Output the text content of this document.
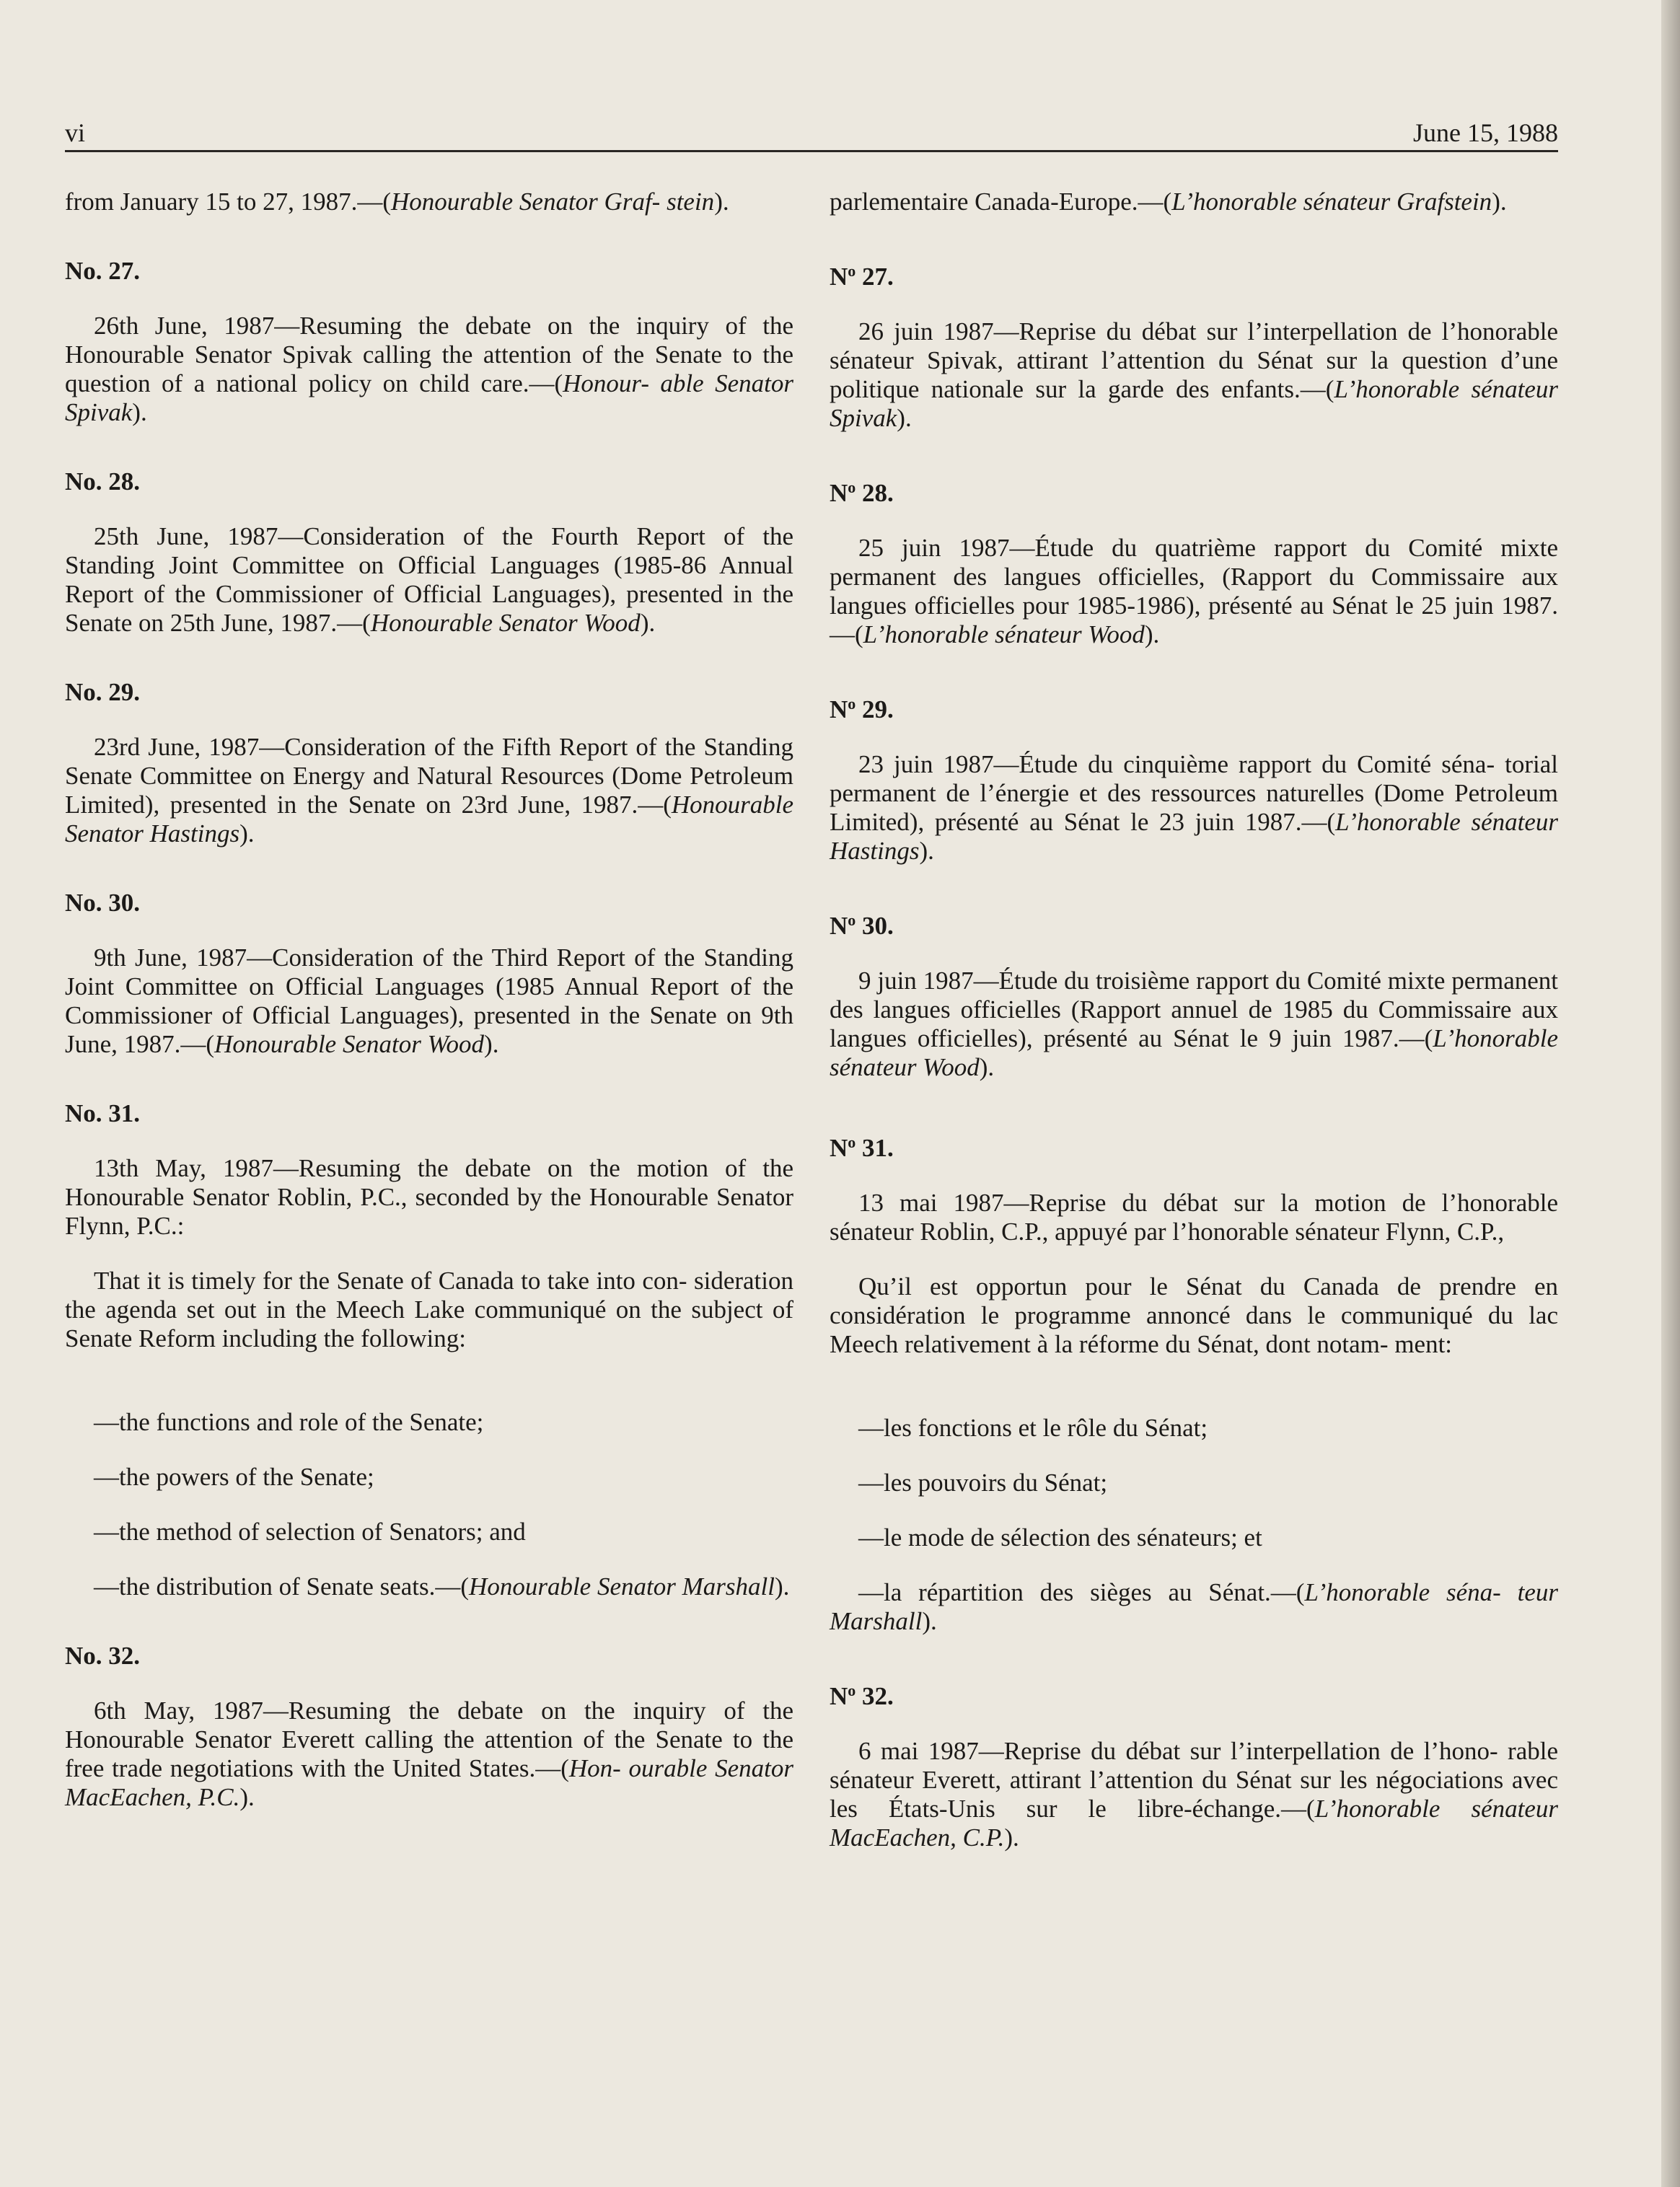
vi	June 15, 1988

from January 15 to 27, 1987.—(Honourable Senator Graf- stein).

No. 27.

26th June, 1987—Resuming the debate on the inquiry of the Honourable Senator Spivak calling the attention of the Senate to the question of a national policy on child care.—(Honour- able Senator Spivak).

No. 28.

25th June, 1987—Consideration of the Fourth Report of the Standing Joint Committee on Official Languages (1985-86 Annual Report of the Commissioner of Official Languages), presented in the Senate on 25th June, 1987.—(Honourable Senator Wood).

No. 29.

23rd June, 1987—Consideration of the Fifth Report of the Standing Senate Committee on Energy and Natural Resources (Dome Petroleum Limited), presented in the Senate on 23rd June, 1987.—(Honourable Senator Hastings).

No. 30.

9th June, 1987—Consideration of the Third Report of the Standing Joint Committee on Official Languages (1985 Annual Report of the Commissioner of Official Languages), presented in the Senate on 9th June, 1987.—(Honourable Senator Wood).

No. 31.

13th May, 1987—Resuming the debate on the motion of the Honourable Senator Roblin, P.C., seconded by the Honourable Senator Flynn, P.C.:

That it is timely for the Senate of Canada to take into con- sideration the agenda set out in the Meech Lake communiqué on the subject of Senate Reform including the following:

—the functions and role of the Senate;

—the powers of the Senate;

—the method of selection of Senators; and

—the distribution of Senate seats.—(Honourable Senator Marshall).

No. 32.

6th May, 1987—Resuming the debate on the inquiry of the Honourable Senator Everett calling the attention of the Senate to the free trade negotiations with the United States.—(Hon- ourable Senator MacEachen, P.C.).

parlementaire Canada-Europe.—(L’honorable sénateur Grafstein).

$N^o$ 27.

26 juin 1987—Reprise du débat sur l’interpellation de l’honorable sénateur Spivak, attirant l’attention du Sénat sur la question d’une politique nationale sur la garde des enfants.—(L’honorable sénateur Spivak).

$N^o$ 28.

25 juin 1987—Étude du quatrième rapport du Comité mixte permanent des langues officielles, (Rapport du Commissaire aux langues officielles pour 1985-1986), présenté au Sénat le 25 juin 1987.—(L’honorable sénateur Wood).

$N^o$ 29.

23 juin 1987—Étude du cinquième rapport du Comité séna- torial permanent de l’énergie et des ressources naturelles (Dome Petroleum Limited), présenté au Sénat le 23 juin 1987.—(L’honorable sénateur Hastings).

$N^o$ 30.

9 juin 1987—Étude du troisième rapport du Comité mixte permanent des langues officielles (Rapport annuel de 1985 du Commissaire aux langues officielles), présenté au Sénat le 9 juin 1987.—(L’honorable sénateur Wood).

$N^o$ 31.

13 mai 1987—Reprise du débat sur la motion de l’honorable sénateur Roblin, C.P., appuyé par l’honorable sénateur Flynn, C.P.,

Qu’il est opportun pour le Sénat du Canada de prendre en considération le programme annoncé dans le communiqué du lac Meech relativement à la réforme du Sénat, dont notam- ment:

—les fonctions et le rôle du Sénat;

—les pouvoirs du Sénat;

—le mode de sélection des sénateurs; et

—la répartition des sièges au Sénat.—(L’honorable séna- teur Marshall).

$N^o$ 32.

6 mai 1987—Reprise du débat sur l’interpellation de l’hono- rable sénateur Everett, attirant l’attention du Sénat sur les négociations avec les États-Unis sur le libre-échange.—(L’honorable sénateur MacEachen, C.P.).
